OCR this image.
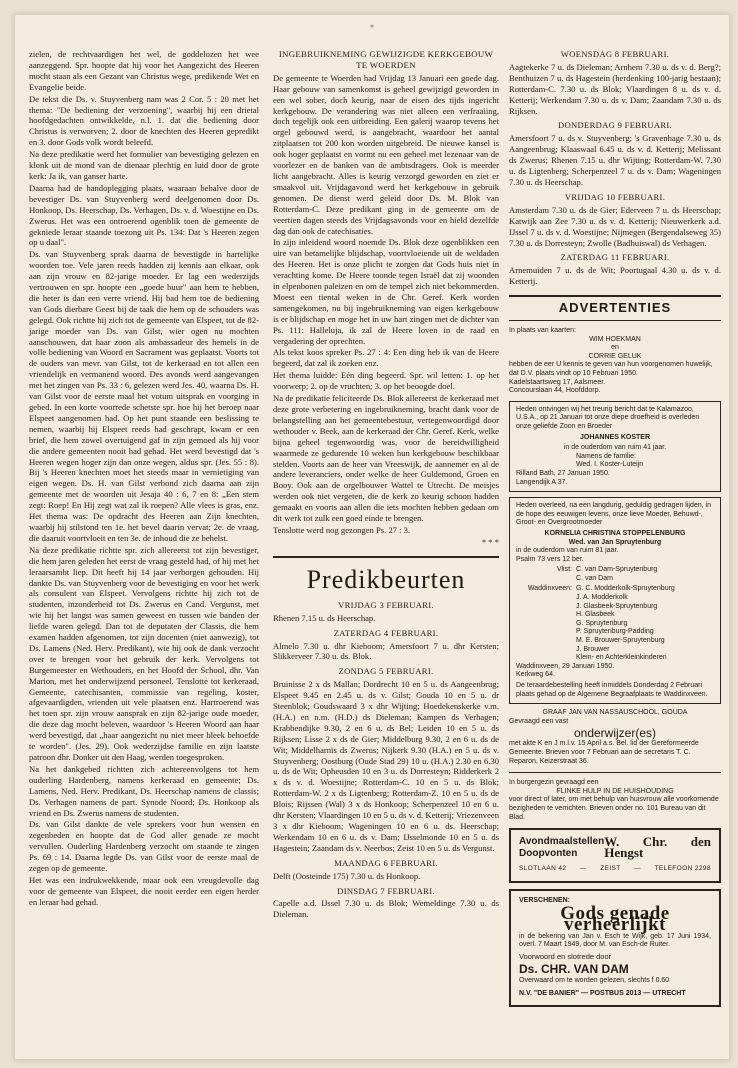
*

zielen, de rechtvaardigen het wel, de goddelozen het wee aanzeggend. Spr. hoopte dat hij voor het Aangezicht des Heeren mocht staan als een Gezant van Christus wege, predikende Wet en Evangelie beide.

De tekst die Ds. v. Stuyvenberg nam was 2 Cor. 5 : 20 met het thema: "De bediening der verzoening", waarbij hij een drietal hoofdgedachten ontwikkelde, n.l. 1. dat die bediening door Christus is verworven; 2. door de knechten des Heeren gepredikt en 3. door Gods volk wordt beleefd.

Na deze predikatie werd het formulier van bevestiging gelezen en klonk uit de mond van de dienaar plechtig en luid door de grote kerk: Ja ik, van ganser harte.

Daarna had de handoplegging plaats, waaraan behalve door de bevestiger Ds. van Stuyvenberg werd deelgenomen door Ds. Honkoop, Ds. Heerschap, Ds. Verhagen, Ds. v. d. Woestijne en Ds. Zwerus. Het was een ontroerend ogenblik toen de gemeente de gekniede leraar staande toezong uit Ps. 134: Dat 's Heeren zegen op u daal".

Ds. van Stuyvenberg sprak daarna de bevestigde in hartelijke woorden toe. Vele jaren reeds hadden zij kennis aan elkaar, ook aan zijn vrouw en 82-jarige moeder. Er lag een wederzijds vertrouwen en spr. hoopte een „goede buur" aan hem te hebben, die heter is dan een verre vriend. Hij bad hem toe de bediening van Gods dierbare Geest bij de taak die hem op de schouders was gelegd. Ook richtte hij zich tot de gemeente van Elspeet, tot de 82-jarige moeder van Ds. van Gilst, wier ogen nu mochten aanschouwen, dat haar zoon als ambassadeur des hemels in de volle bediening van Woord en Sacrament was geplaatst. Voorts tot de ouders van mevr. van Gilst, tot de kerkeraad en tot allen een vriendelijk en vermanend woord. Des avonds werd aangevangen met het zingen van Ps. 33 : 6, gelezen werd Jes. 40, waarna Ds. H. van Gilst voor de eerste maal het votum uitsprak en voorging in gebed. In een korte voorrede schetste spr. hoe hij het beroep naar Elspeet aangenomen had. Op het punt staande een beslissing te nemen, waarbij hij Elspeet reeds had geschrapt, kwam er een brief, die hem zowel overtuigend gaf in zijn gemoed als hij voor die andere gemeenten nooit had gehad. Het werd bevestigd dat 's Heeren wegen hoger zijn dan onze wegen, aldus spr. (Jes. 55 : 8). Bij 's Heeren knechten moet het steeds maar in vernietiging van eigen wegen. Ds. H. van Gilst verbond zich daarna aan zijn gemeente met de woorden uit Jesaja 40 : 6, 7 en 8: „Een stem zegt: Roep! En Hij zegt wat zal ik roepen? Alle vlees is gras, enz. Het thema was: De opdracht des Heeren aan Zijn knechten, waarbij hij stilstond ten 1e. het bevel daarin vervat; 2e. de vraag, die daaruit voortvloeit en ten 3e. de inhoud die ze behelst.

Na deze predikatie richtte spr. zich allereerst tot zijn bevestiger, die hem jaren geleden het eerst de vraag gesteld had, of hij met het leraarsambt liep. Dit heeft hij 14 jaar verborgen gehouden. Hij dankte Ds. van Stuyvenberg voor de bevestiging en voor het werk als consulent van Elspeet. Vervolgens richtte hij zich tot de studenten, inzonderheid tot Ds. Zwerus en Cand. Vergunst, met wie hij het langst was samen geweest en tussen wie banden der liefde waren gelegd. Dan tot de deputaten der Classis, die hem examen hadden afgenomen, tot zijn docenten (niet aanwezig), tot Ds. Lamens (Ned. Herv. Predikant), wie hij ook de dank verzocht over te brengen voor het gebruik der kerk. Vervolgens tot Burgemeester en Wethouders, en het Hoofd der School, dhr. Van Marion, met het onderwijzend personeel. Tenslotte tot kerkeraad, Gemeente, catechisanten, commissie van regeling, koster, afgevaardigden, vrienden uit vele plaatsen enz. Hartroerend was het toen spr. zijn vrouw aansprak en zijn 82-jarige oude moeder, die deze dag mocht beleven, waardoor 's Heeren Woord aan haar werd bevestigd, dat „haar aangezicht nu niet meer bleek behoefde te worden". (Jes. 29). Ook wederzijdse familie en zijn laatste patroon dhr. Donker uit den Haag, werden toegesproken.

Na het dankgebed richtten zich achtereenvolgens tot hem ouderling Hardenberg, namens kerkeraad en gemeente; Ds. Lamens, Ned. Herv. Predikant, Ds. Heerschap namens de classis; Ds. Verhagen namens de part. Synode Noord; Ds. Honkoop als vriend en Ds. Zwerus namens de studenten.

Ds. van Gilst dankte de vele sprekers voor hun wensen en zegenbeden en hoopte dat de God aller genade ze mocht vervullen. Ouderling Hardenberg verzocht om staande te zingen Ps. 69 : 14. Daarna legde Ds. van Gilst voor de eerste maal de zegen op de gemeente.

Het was een indrukwekkende, maar ook een vreugdevolle dag voor de gemeente van Elspeet, die nooit eerder een eigen herder en leraar had gehad.

INGEBRUIKNEMING GEWIJZIGDE KERKGEBOUW TE WOERDEN

De gemeente te Woerden had Vrijdag 13 Januari een goede dag. Haar gebouw van samenkomst is geheel gewijzigd geworden in een wel sober, doch keurig, naar de eisen des tijds ingericht kerkgebouw. De verandering was niet alleen een verfraaiing, doch tegelijk ook een uitbreiding. Een galerij waarop tevens het orgel gebouwd werd, is aangebracht, waardoor het aantal zitplaatsen tot 200 kon worden uitgebreid. De nieuwe kansel is ook hoger geplaatst en vormt nu een geheel met lezenaar van de voorlezer en de banken van de ambtsdragers. Ook is meerder licht aangebracht. Alles is keurig verzorgd geworden en ziet er smaakvol uit. Vrijdagavond werd het kerkgebouw in gebruik genomen. De dienst werd geleid door Ds. M. Blok van Rotterdam-C. Deze predikant ging in de gemeente om de veertien dagen steeds des Vrijdagsavonds voor en hield dezelfde dag dan ook de catechisaties.

In zijn inleidend woord noemde Ds. Blok deze ogenblikken een uire van betamelijke blijdschap, voortvloeiende uit de weldaden des Heeren. Het is onze plicht te zorgen dat Gods huis niet in verachting kome. De Heere toonde tegen Israël dat zij woonden in elpenbonen paleizen en om de tempel zich niet bekommerden. Moest een tiental weken in de Chr. Geref. Kerk worden samengekomen, nu bij ingebruikneming van eigen kerkgebouw is er blijdschap en moge het in uw hart zingen met de dichter van Ps. 111: Halleluja, ik zal de Heere loven in de raad en vergadering der oprechten.

Als tekst koos spreker Ps. 27 : 4: Een ding heb ik van de Heere begeerd, dat zal ik zoeken enz.

Het thema luidde: Eén ding begeerd. Spr. wil letten: 1. op het voorwerp; 2. op de vruchten; 3. op het beoogde doel.

Na de predikatie feliciteerde Ds. Blok allereerst de kerkeraad met deze grote verbetering en ingebruikneming, bracht dank voor de belangstelling aan het gemeentebestuur, vertegenwoordigd door wethouder v. Beek, aan de kerkeraad der Chr. Geref. Kerk, welke bijna geheel tegenwoordig was, voor de bereidwilligheid waarmede ze gedurende 10 weken hun kerkgebouw beschikbaar stelden. Voorts aan de heer van Vreeswijk, de aannemer en al de andere leveranciers, onder welke de heer Guldemond, Groen en Booy. Ook aan de orgelbouwer Wattel te Utrecht. De meisjes werden ook niet vergeten, die de kerk zo keurig schoon hadden gemaakt en voorts aan allen die iets mochten hebben gedaan om dit werk tot zulk een goed einde te brengen.

Tenslotte werd nog gezongen Ps. 27 : 3.

* * *
Predikbeurten
VRIJDAG 3 FEBRUARI.

Rhenen 7.15 u. ds Heerschap.

ZATERDAG 4 FEBRUARI.

Almelo 7.30 u. dhr Kieboom; Amersfoort 7 u. dhr Kersten; Slikkerveer 7.30 u. ds. Blok.

ZONDAG 5 FEBRUARI.

Bruinisse 2 x ds Mallan; Dordrecht 10 en 5 u. ds Aangeenbrug; Elspeet 9.45 en 2.45 u. ds v. Gilst; Gouda 10 en 5 u. dr Steenblok; Goudswaard 3 x dhr Wijting; Hoedekenskerke v.m. (H.A.) en n.m. (H.D.) ds Dieleman; Kampen ds Verhagen; Krabbendijke 9.30, 2 en 6 u. ds Bel; Leiden 10 en 5 u. ds Rijksen; Lisse 2 x ds de Gier; Middelburg 9.30, 2 en 6 u. ds de Wit; Middelharnis ds Zwerus; Nijkerk 9.30 (H.A.) en 5 u. ds v. Stuyvenberg; Oostburg (Oude Stad 29) 10 u. (H.A.) 2.30 en 6.30 u. ds de Wit; Opheusden 10 en 3 u. ds Dorresteyn; Ridderkerk 2 x ds v. d. Woestijne; Rotterdam-C. 10 en 5 u. ds Blok; Rotterdam-W. 2 x ds Ligtenberg; Rotterdam-Z. 10 en 5 u. ds de Blois; Rijssen (Wal) 3 x ds Honkoop; Scherpenzeel 10 en 6 u. dhr Kersten; Vlaardingen 10 en 5 u. ds v. d. Ketterij; Vriezenveen 3 x dhr Kieboom; Wageningen 10 en 6 u. ds. Heerschap; Werkendam 10 en 6 u. ds v. Dam; IJsselmonde 10 en 5 u. ds Hagestein; Zaandam ds v. Neerbos; Zeist 10 en 5 u. ds Vergunst.

MAANDAG 6 FEBRUARI.

Delft (Oosteinde 175) 7.30 u. ds Honkoop.

DINSDAG 7 FEBRUARI.

Capelle a.d. IJssel 7.30 u. ds Blok; Wemeldinge 7.30 u. ds Dieleman.

WOENSDAG 8 FEBRUARI.

Aagtekerke 7 u. ds Dieleman; Arnhem 7.30 u. ds v. d. Berg?; Benthuizen 7 u. ds Hagestein (herdenking 100-jarig bestaan); Rotterdam-C. 7.30 u. ds Blok; Vlaardingen 8 u. ds v. d. Ketterij; Werkendam 7.30 u. ds v. Dam; Zaandam 7.30 u. ds Rijksen.

DONDERDAG 9 FEBRUARI.

Amersfoort 7 u. ds v. Stuyvenberg; 's Gravenhage 7.30 u. ds Aangeenbrug; Klaaswaal 6.45 u. ds v. d. Ketterij; Melissant ds Zwerus; Rhenen 7.15 u. dhr Wijting; Rotterdam-W. 7.30 u. ds Ligtenberg; Scherpenzeel 7 u. ds v. Dam; Wageningen 7.30 u. ds Heerschap.

VRIJDAG 10 FEBRUARI.

Amsterdam 7.30 u. ds de Gier; Ederveen 7 u. ds Heerschap; Katwijk aan Zee 7.30 u. ds v. d. Ketterij; Nieuwerkerk a.d. IJssel 7 u. ds v. d. Woestijne; Nijmegen (Bergendalseweg 35) 7.30 u. ds Dorresteyn; Zwolle (Badhuiswal) ds Verhagen.

ZATERDAG 11 FEBRUARI.

Arnemuiden 7 u. ds de Wit; Poortugaal 4.30 u. ds v. d. Ketterij.

ADVERTENTIES
In plaats van kaarten:
WIM HOEKMAN
en
CORRIE GELUK
hebben de eer U kennis te geven van hun voorgenomen huwelijk, dat D.V. plaats vindt op 10 Februari 1950.
Kadelstaartsweg 17, Aalsmeer.
Concourslaan 44, Hoofddorp.
Heden ontvingen wij het treurig bericht dat te Kalamazoo, U.S.A., op 21 Januari tot onze diepe droefheid is overleden onze geliefde Zoon en Broeder
JOHANNES KOSTER
in de ouderdom van ruim 41 jaar.
Namens de familie:
Wed. I. Koster-Luteijn
Rilland Bath, 27 Januari 1950.
Langendijk A 37.
Heden overleed, na een langdurig, geduldig gedragen lijden, in de hope des eeuwigen levens, onze lieve Moeder, Behuwd-, Groot- en Overgrootmoeder
KORNELIA CHRISTINA STOPPELENBURG
Wed. van Jan Spruytenburg
in de ouderdom van ruim 81 jaar.
Psalm 73 vers 12 ber.
Vlist: C. van Dam-Spruytenburg
C. van Dam
Waddinxveen: G. C. Modderkolk-Spruytenburg
J. A. Modderkolk
J. Glasbeek-Spruytenburg
H. Glasbeek
G. Spruytenburg
P. Spruytenburg-Padding
M. E. Brouwer-Spruytenburg
J. Brouwer
Klein- en Achterkleinkinderen
Waddinxveen, 29 Januari 1950.
Kerkweg 64.
De teraardebestelling heeft inmiddels Donderdag 2 Februari plaats gehad op de Algemene Begraafplaats te Waddinxveen.
GRAAF JAN VAN NASSAUSCHOOL, GOUDA
Gevraagd een vast
onderwijzer(es)
met akte K en J m.l.v. 15 April a.s. Bel. lid der Gereformeerde Gemeente. Brieven voor 7 Februari aan de secretaris T. C. Reparon, Keizerstraat 36.
In burgergezin gevraagd een
FLINKE HULP IN DE HUISHOUDING
voor direct of later, om met behulp van huisvrouw alle voorkomende bezigheden te verrichten. Brieven onder no. 101 Bureau van dit Blad.
Avondmaalstellen
Doopvonten
W. Chr. den Hengst
SLOTLAAN 42 — ZEIST — TELEFOON 2298
VERSCHENEN:
Gods genade verheerlijkt
in de bekering van Jan v. Esch te Wijk, geb. 17 Juni 1934, overl. 7 Maart 1949, door M. van Esch-de Ruiter.
Voorwoord en slotrede door
Ds. CHR. VAN DAM
Overwaard om te worden gelezen, slechts f 0.60
N.V. "DE BANIER" — POSTBUS 2013 — UTRECHT
